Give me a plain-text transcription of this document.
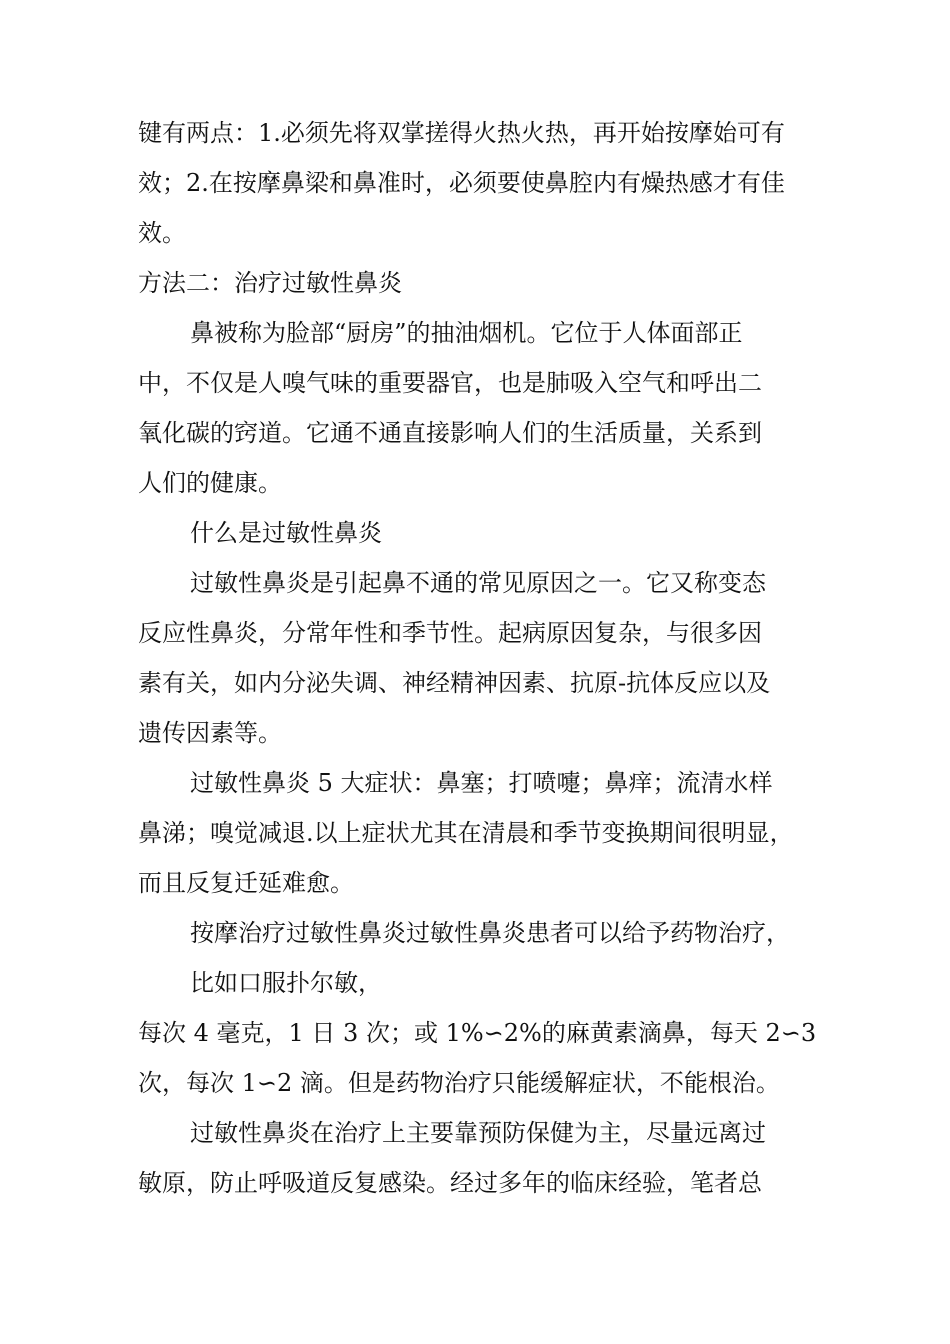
键有两点：1.必须先将双掌搓得火热火热，再开始按摩始可有
效；2.在按摩鼻梁和鼻准时，必须要使鼻腔内有燥热感才有佳
效。
方法二：治疗过敏性鼻炎
鼻被称为脸部“厨房”的抽油烟机。它位于人体面部正
中，不仅是人嗅气味的重要器官，也是肺吸入空气和呼出二
氧化碳的窍道。它通不通直接影响人们的生活质量，关系到
人们的健康。
什么是过敏性鼻炎
过敏性鼻炎是引起鼻不通的常见原因之一。它又称变态
反应性鼻炎，分常年性和季节性。起病原因复杂，与很多因
素有关，如内分泌失调、神经精神因素、抗原-抗体反应以及
遗传因素等。
过敏性鼻炎 5 大症状：鼻塞；打喷嚏；鼻痒；流清水样
鼻涕；嗅觉减退.以上症状尤其在清晨和季节变换期间很明显，
而且反复迁延难愈。
按摩治疗过敏性鼻炎过敏性鼻炎患者可以给予药物治疗，
比如口服扑尔敏，
每次 4 毫克，1 日 3 次；或 1%∽2%的麻黄素滴鼻，每天 2∽3
次，每次 1∽2 滴。但是药物治疗只能缓解症状，不能根治。
过敏性鼻炎在治疗上主要靠预防保健为主，尽量远离过
敏原，防止呼吸道反复感染。经过多年的临床经验，笔者总
